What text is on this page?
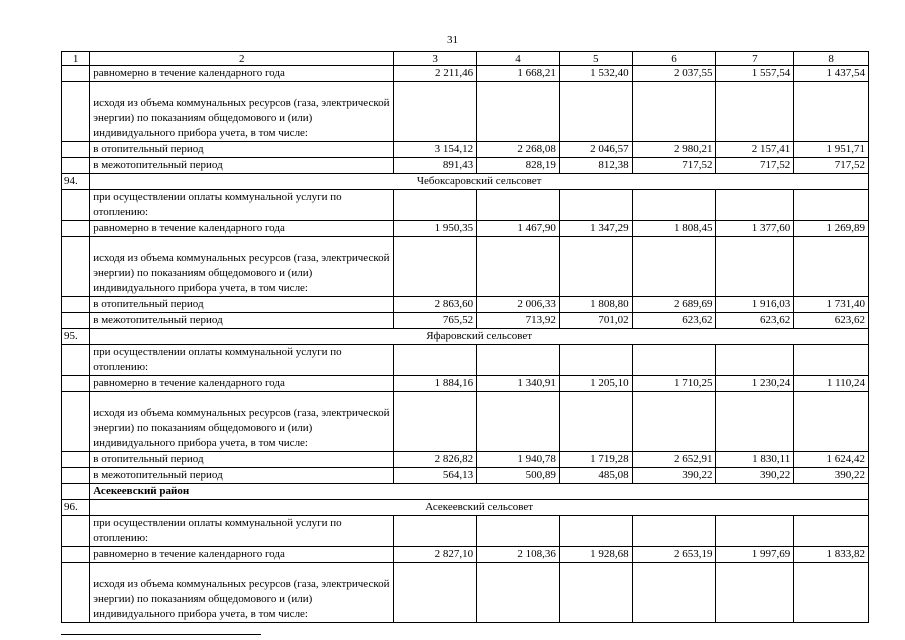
31
1	2	3	4	5	6	7	8
	равномерно в течение календарного года	2 211,46	1 668,21	1 532,40	2 037,55	1 557,54	1 437,54
	исходя из объема коммунальных ресурсов (газа, электрической энергии) по показаниям общедомового и (или) индивидуального прибора учета, в том числе:						
	в отопительный период	3 154,12	2 268,08	2 046,57	2 980,21	2 157,41	1 951,71
	в межотопительный период	891,43	828,19	812,38	717,52	717,52	717,52
94.	Чебоксаровский сельсовет						
	при осуществлении оплаты коммунальной услуги по отоплению:						
	равномерно в течение календарного года	1 950,35	1 467,90	1 347,29	1 808,45	1 377,60	1 269,89
	исходя из объема коммунальных ресурсов (газа, электрической энергии) по показаниям общедомового и (или) индивидуального прибора учета, в том числе:						
	в отопительный период	2 863,60	2 006,33	1 808,80	2 689,69	1 916,03	1 731,40
	в межотопительный период	765,52	713,92	701,02	623,62	623,62	623,62
95.	Яфаровский сельсовет						
	при осуществлении оплаты коммунальной услуги по отоплению:						
	равномерно в течение календарного года	1 884,16	1 340,91	1 205,10	1 710,25	1 230,24	1 110,24
	исходя из объема коммунальных ресурсов (газа, электрической энергии) по показаниям общедомового и (или) индивидуального прибора учета, в том числе:						
	в отопительный период	2 826,82	1 940,78	1 719,28	2 652,91	1 830,11	1 624,42
	в межотопительный период	564,13	500,89	485,08	390,22	390,22	390,22
	Асекеевский район						
96.	Асекеевский сельсовет						
	при осуществлении оплаты коммунальной услуги по отоплению:						
	равномерно в течение календарного года	2 827,10	2 108,36	1 928,68	2 653,19	1 997,69	1 833,82
	исходя из объема коммунальных ресурсов (газа, электрической энергии) по показаниям общедомового и (или) индивидуального прибора учета, в том числе:						
